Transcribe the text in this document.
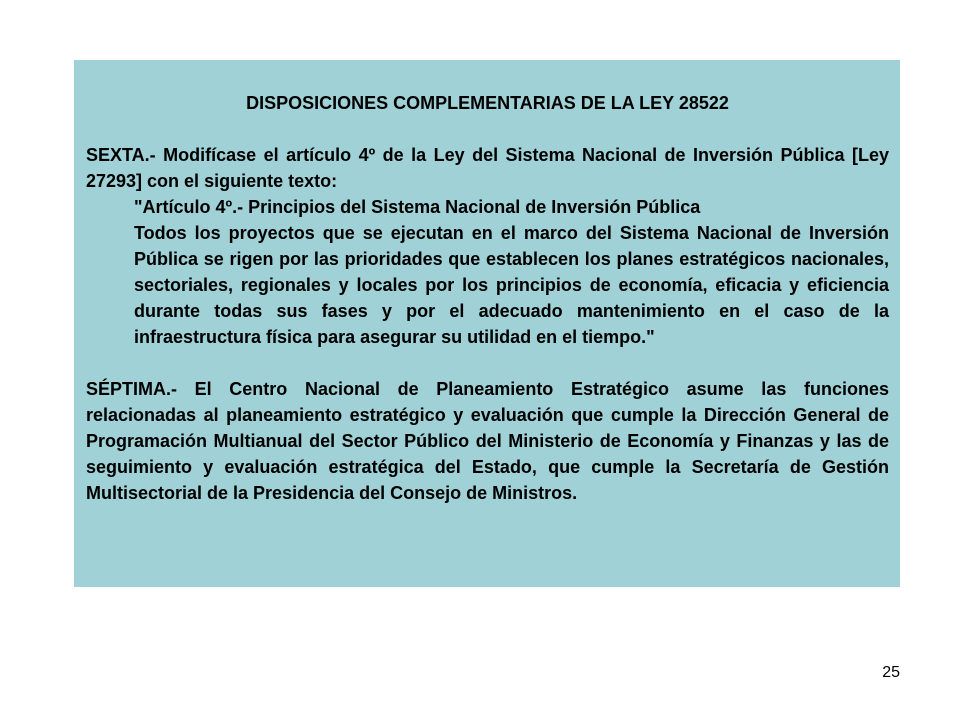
DISPOSICIONES COMPLEMENTARIAS DE LA LEY 28522

SEXTA.- Modifícase el artículo 4º de la Ley del Sistema Nacional de Inversión Pública [Ley 27293] con el siguiente texto:

"Artículo 4º.- Principios del Sistema Nacional de Inversión Pública

Todos los proyectos que se ejecutan en el marco del Sistema Nacional de Inversión Pública se rigen por las prioridades que establecen los planes estratégicos nacionales, sectoriales, regionales y locales por los principios de economía, eficacia y eficiencia durante todas sus fases y por el adecuado mantenimiento en el caso de la infraestructura física para asegurar su utilidad en el tiempo."

SÉPTIMA.- El Centro Nacional de Planeamiento Estratégico asume las funciones relacionadas al planeamiento estratégico y evaluación que cumple la Dirección General de Programación Multianual del Sector Público del Ministerio de Economía y Finanzas y las de seguimiento y evaluación estratégica del Estado, que cumple la Secretaría de Gestión Multisectorial de la Presidencia del Consejo de Ministros.

25
